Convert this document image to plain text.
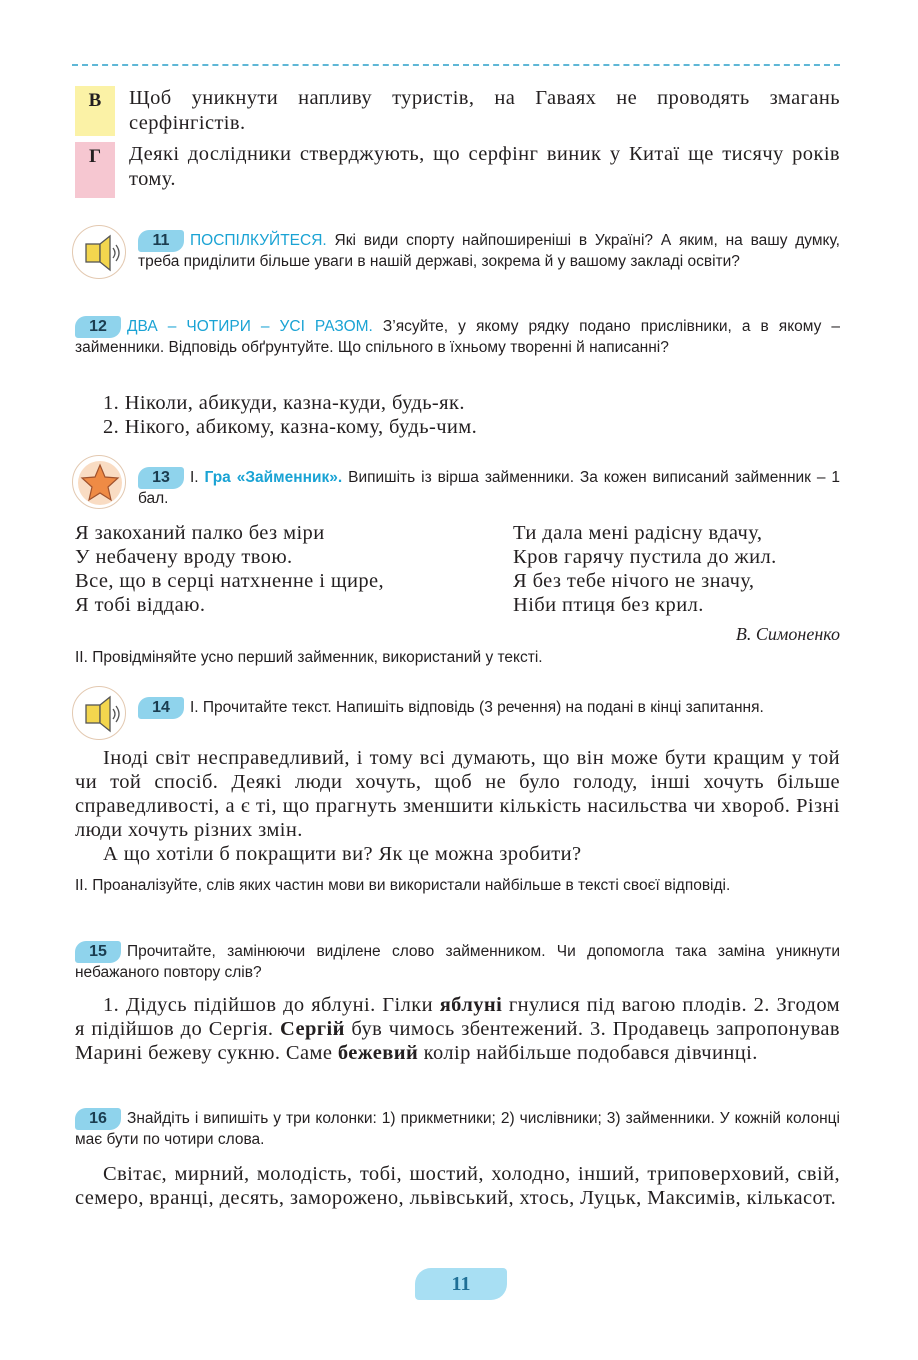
В	Щоб уникнути напливу туристів, на Гаваях не проводять змагань серфінгістів.
Г	Деякі дослідники стверджують, що серфінг виник у Китаї ще тисячу років тому.
11 ПОСПІЛКУЙТЕСЯ. Які види спорту найпоширеніші в Україні? А яким, на вашу думку, треба приділити більше уваги в нашій державі, зокрема й у вашому закладі освіти?
12 ДВА – ЧОТИРИ – УСІ РАЗОМ. З’ясуйте, у якому рядку подано прислівники, а в якому – займенники. Відповідь обґрунтуйте. Що спільного в їхньому творенні й написанні?

1. Ніколи, абикуди, казна-куди, будь-як.

2. Нікого, абикому, казна-кому, будь-чим.

13 І. Гра «Займенник». Випишіть із вірша займенники. За кожен виписаний займенник – 1 бал.
Я закоханий палко без міри
У небачену вроду твою.
Все, що в серці натхненне і щире,
Я тобі віддаю.
Ти дала мені радісну вдачу,
Кров гарячу пустила до жил.
Я без тебе нічого не значу,
Ніби птиця без крил.
В. Симоненко
ІІ. Провідміняйте усно перший займенник, використаний у тексті.
14 І. Прочитайте текст. Напишіть відповідь (3 речення) на подані в кінці запитання.

Іноді світ несправедливий, і тому всі думають, що він може бути кращим у той чи той спосіб. Деякі люди хочуть, щоб не було голоду, інші хочуть більше справедливості, а є ті, що прагнуть зменшити кількість насильства чи хвороб. Різні люди хочуть різних змін.

А що хотіли б покращити ви? Як це можна зробити?

ІІ. Проаналізуйте, слів яких частин мови ви використали найбільше в тексті своєї відповіді.
15 Прочитайте, замінюючи виділене слово займенником. Чи допомогла така заміна уникнути небажаного повтору слів?
1. Дідусь підійшов до яблуні. Гілки яблуні гнулися під вагою плодів. 2. Згодом я підійшов до Сергія. Сергій був чимось збентежений. 3. Продавець запропонував Марині бежеву сукню. Саме бежевий колір найбільше подобався дівчинці.
16 Знайдіть і випишіть у три колонки: 1) прикметники; 2) числівники; 3) займенники. У кожній колонці має бути по чотири слова.
Світає, мирний, молодість, тобі, шостий, холодно, інший, триповерховий, свій, семеро, вранці, десять, заморожено, львівський, хтось, Луцьк, Максимів, кількасот.
11
